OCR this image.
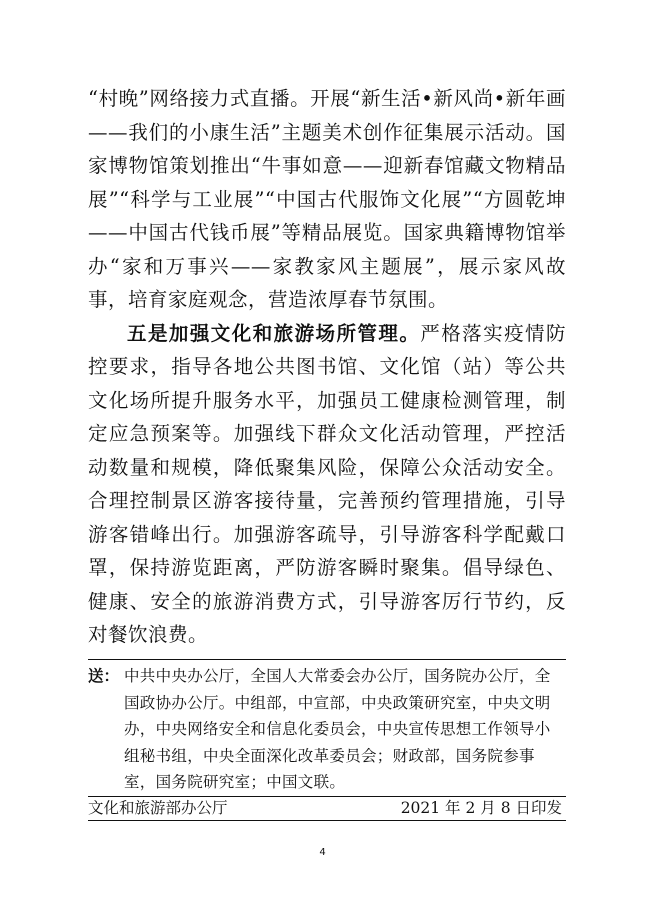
“村晚”网络接力式直播。开展“新生活•新风尚•新年画——我们的小康生活”主题美术创作征集展示活动。国家博物馆策划推出“牛事如意——迎新春馆藏文物精品展”“科学与工业展”“中国古代服饰文化展”“方圆乾坤——中国古代钱币展”等精品展览。国家典籍博物馆举办“家和万事兴——家教家风主题展”，展示家风故事，培育家庭观念，营造浓厚春节氛围。

五是加强文化和旅游场所管理。严格落实疫情防控要求，指导各地公共图书馆、文化馆（站）等公共文化场所提升服务水平，加强员工健康检测管理，制定应急预案等。加强线下群众文化活动管理，严控活动数量和规模，降低聚集风险，保障公众活动安全。合理控制景区游客接待量，完善预约管理措施，引导游客错峰出行。加强游客疏导，引导游客科学配戴口罩，保持游览距离，严防游客瞬时聚集。倡导绿色、健康、安全的旅游消费方式，引导游客厉行节约，反对餐饮浪费。

送： 中共中央办公厅，全国人大常委会办公厅，国务院办公厅，全国政协办公厅。中组部，中宣部，中央政策研究室，中央文明办，中央网络安全和信息化委员会，中央宣传思想工作领导小组秘书组，中央全面深化改革委员会；财政部，国务院参事室，国务院研究室；中国文联。
文化和旅游部办公厅	2021 年 2 月 8 日印发
4
